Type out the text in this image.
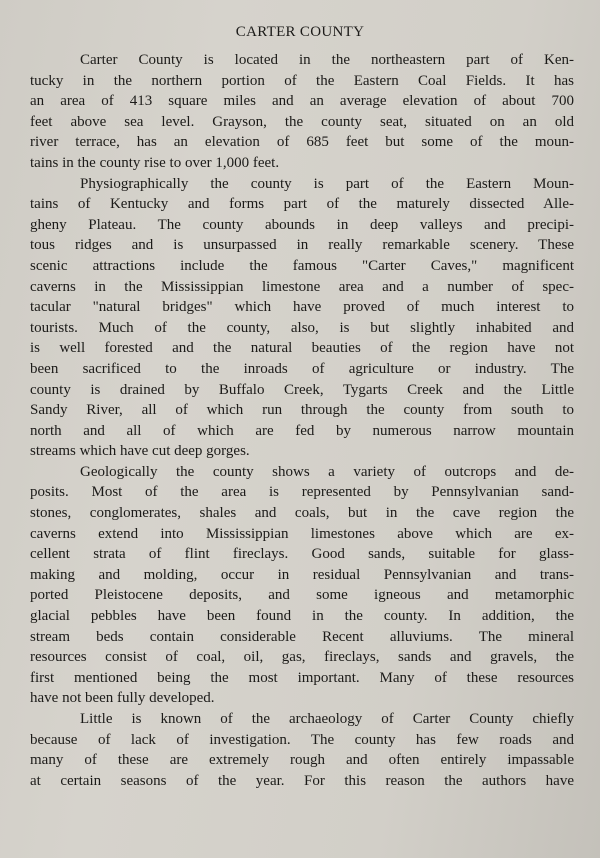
CARTER COUNTY
Carter County is located in the northeastern part of Ken-
tucky in the northern portion of the Eastern Coal Fields. It has
an area of 413 square miles and an average elevation of about 700
feet above sea level. Grayson, the county seat, situated on an old
river terrace, has an elevation of 685 feet but some of the moun-
tains in the county rise to over 1,000 feet.
Physiographically the county is part of the Eastern Moun-
tains of Kentucky and forms part of the maturely dissected Alle-
gheny Plateau. The county abounds in deep valleys and precipi-
tous ridges and is unsurpassed in really remarkable scenery. These
scenic attractions include the famous "Carter Caves," magnificent
caverns in the Mississippian limestone area and a number of spec-
tacular "natural bridges" which have proved of much interest to
tourists. Much of the county, also, is but slightly inhabited and
is well forested and the natural beauties of the region have not
been sacrificed to the inroads of agriculture or industry. The
county is drained by Buffalo Creek, Tygarts Creek and the Little
Sandy River, all of which run through the county from south to
north and all of which are fed by numerous narrow mountain
streams which have cut deep gorges.
Geologically the county shows a variety of outcrops and de-
posits. Most of the area is represented by Pennsylvanian sand-
stones, conglomerates, shales and coals, but in the cave region the
caverns extend into Mississippian limestones above which are ex-
cellent strata of flint fireclays. Good sands, suitable for glass-
making and molding, occur in residual Pennsylvanian and trans-
ported Pleistocene deposits, and some igneous and metamorphic
glacial pebbles have been found in the county. In addition, the
stream beds contain considerable Recent alluviums. The mineral
resources consist of coal, oil, gas, fireclays, sands and gravels, the
first mentioned being the most important. Many of these resources
have not been fully developed.
Little is known of the archaeology of Carter County chiefly
because of lack of investigation. The county has few roads and
many of these are extremely rough and often entirely impassable
at certain seasons of the year. For this reason the authors have
